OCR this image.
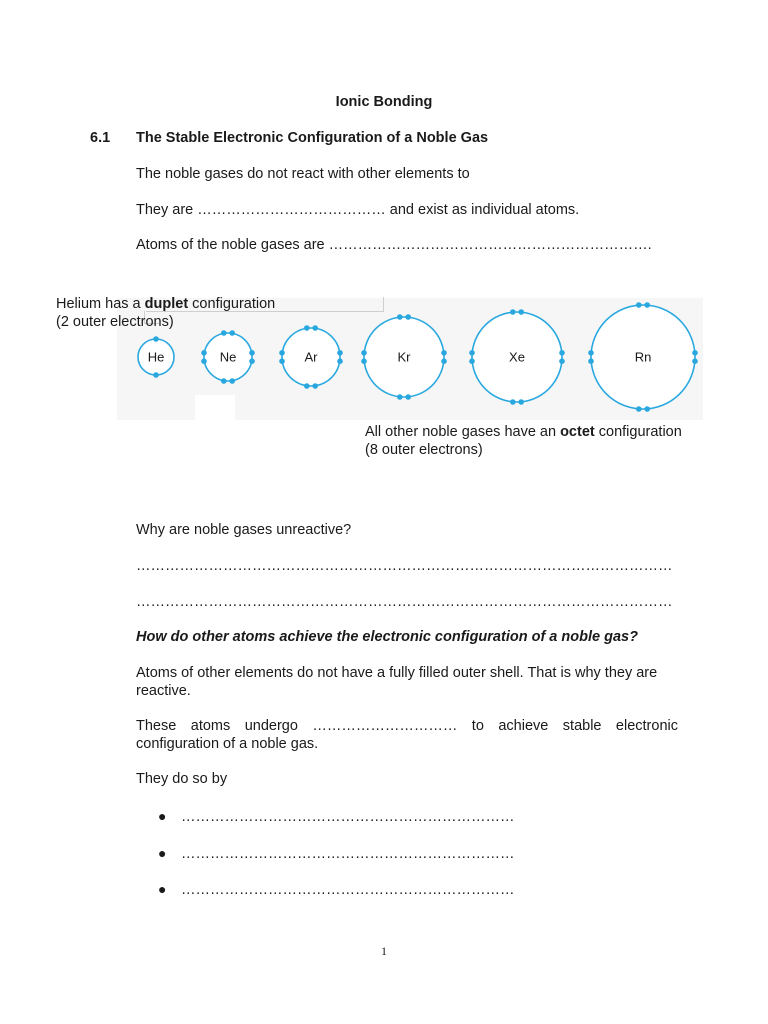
Ionic Bonding
6.1 The Stable Electronic Configuration of a Noble Gas
The noble gases do not react with other elements to
They are ………………………………… and exist as individual atoms.
Atoms of the noble gases are ………………………………………………………….
He	Ne	Ar	Kr	Xe	Rn
Helium has a duplet configuration
(2 outer electrons)
All other noble gases have an octet configuration
(8 outer electrons)
Why are noble gases unreactive?
…………………………………………………………………………………………………
…………………………………………………………………………………………………
How do other atoms achieve the electronic configuration of a noble gas?
Atoms of other elements do not have a fully filled outer shell. That is why they are reactive.
These atoms undergo ………………………… to achieve stable electronic configuration of a noble gas.
They do so by
● ……………………………………………………………
● ……………………………………………………………
● ……………………………………………………………
1
